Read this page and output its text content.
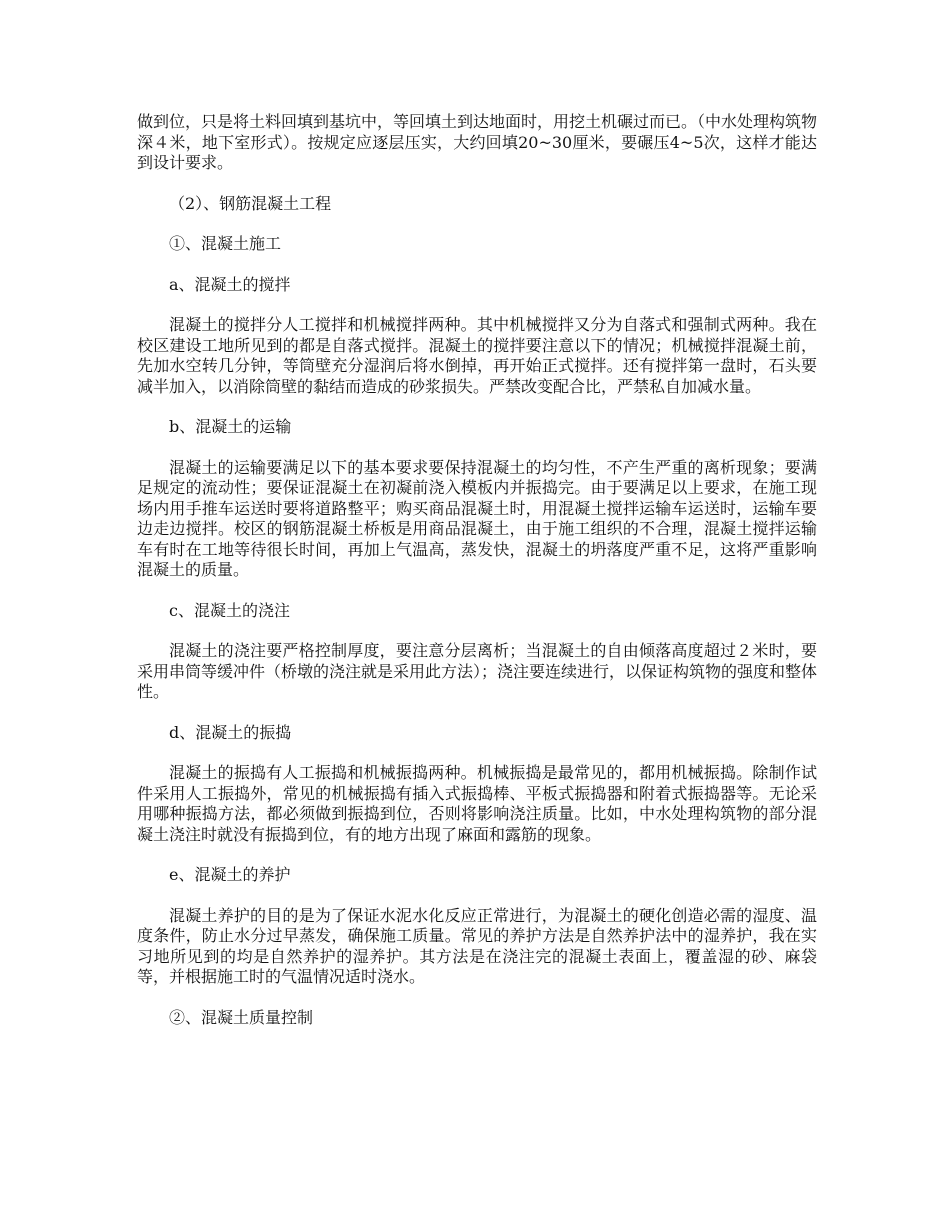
做到位，只是将土料回填到基坑中，等回填土到达地面时，用挖土机碾过而已。（中水处理构筑物深４米，地下室形式）。按规定应逐层压实，大约回填20~30厘米，要碾压4~5次，这样才能达到设计要求。

（2）、钢筋混凝土工程

①、混凝土施工

a、混凝土的搅拌

混凝土的搅拌分人工搅拌和机械搅拌两种。其中机械搅拌又分为自落式和强制式两种。我在校区建设工地所见到的都是自落式搅拌。混凝土的搅拌要注意以下的情况；机械搅拌混凝土前，先加水空转几分钟，等筒壁充分湿润后将水倒掉，再开始正式搅拌。还有搅拌第一盘时，石头要减半加入，以消除筒壁的黏结而造成的砂浆损失。严禁改变配合比，严禁私自加减水量。

b、混凝土的运输

混凝土的运输要满足以下的基本要求要保持混凝土的均匀性，不产生严重的离析现象；要满足规定的流动性；要保证混凝土在初凝前浇入模板内并振捣完。由于要满足以上要求，在施工现场内用手推车运送时要将道路整平；购买商品混凝土时，用混凝土搅拌运输车运送时，运输车要边走边搅拌。校区的钢筋混凝土桥板是用商品混凝土，由于施工组织的不合理，混凝土搅拌运输车有时在工地等待很长时间，再加上气温高，蒸发快，混凝土的坍落度严重不足，这将严重影响混凝土的质量。

c、混凝土的浇注

混凝土的浇注要严格控制厚度，要注意分层离析；当混凝土的自由倾落高度超过２米时，要采用串筒等缓冲件（桥墩的浇注就是采用此方法）；浇注要连续进行，以保证构筑物的强度和整体性。

d、混凝土的振捣

混凝土的振捣有人工振捣和机械振捣两种。机械振捣是最常见的，都用机械振捣。除制作试件采用人工振捣外，常见的机械振捣有插入式振捣棒、平板式振捣器和附着式振捣器等。无论采用哪种振捣方法，都必须做到振捣到位，否则将影响浇注质量。比如，中水处理构筑物的部分混凝土浇注时就没有振捣到位，有的地方出现了麻面和露筋的现象。

e、混凝土的养护

混凝土养护的目的是为了保证水泥水化反应正常进行，为混凝土的硬化创造必需的湿度、温度条件，防止水分过早蒸发，确保施工质量。常见的养护方法是自然养护法中的湿养护，我在实习地所见到的均是自然养护的湿养护。其方法是在浇注完的混凝土表面上，覆盖湿的砂、麻袋等，并根据施工时的气温情况适时浇水。

②、混凝土质量控制
